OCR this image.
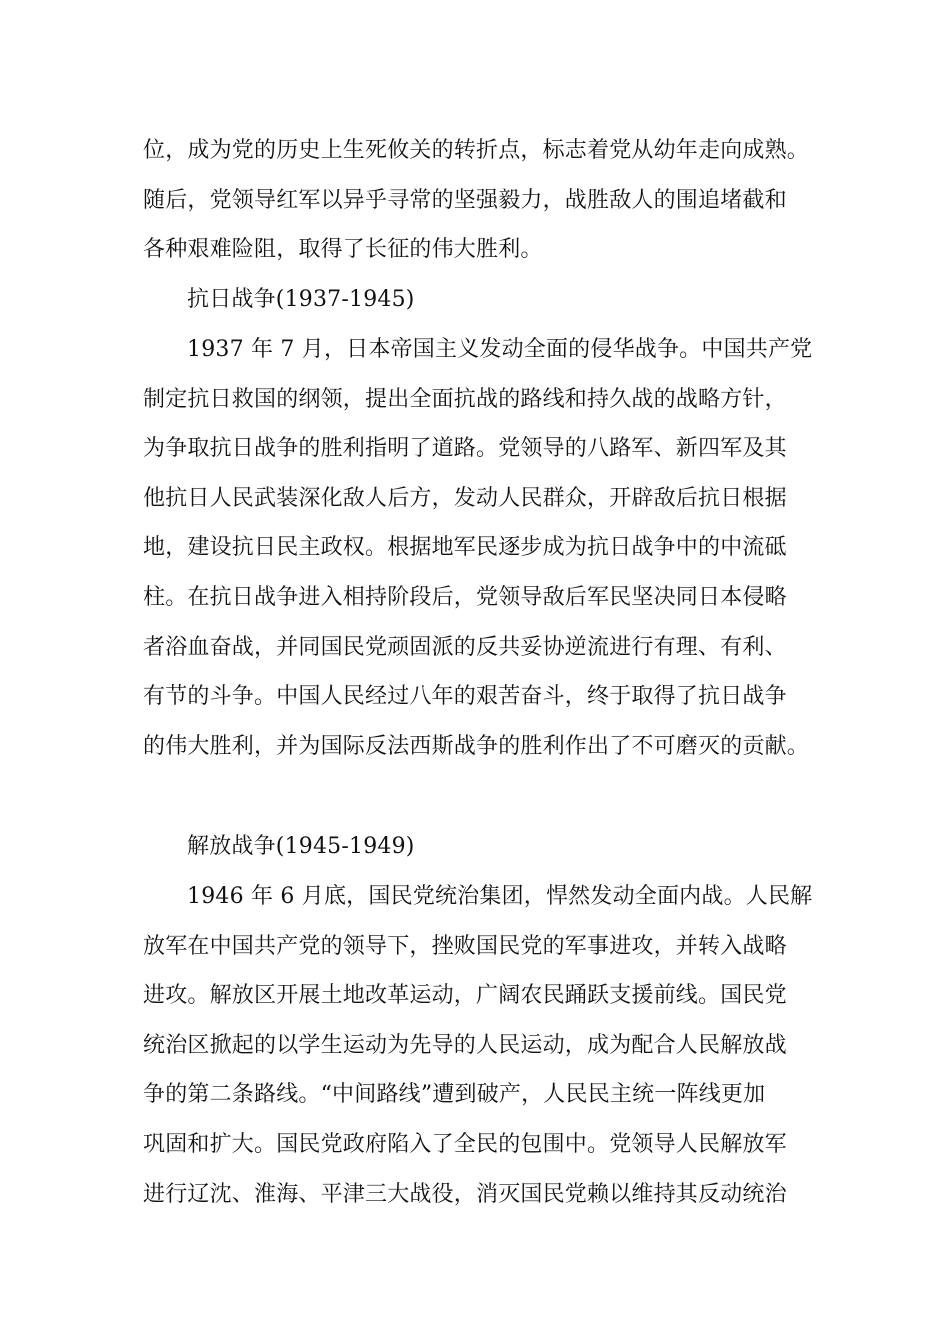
位，成为党的历史上生死攸关的转折点，标志着党从幼年走向成熟。
随后，党领导红军以异乎寻常的坚强毅力，战胜敌人的围追堵截和
各种艰难险阻，取得了长征的伟大胜利。
抗日战争(1937-1945)
1937 年 7 月，日本帝国主义发动全面的侵华战争。中国共产党
制定抗日救国的纲领，提出全面抗战的路线和持久战的战略方针，
为争取抗日战争的胜利指明了道路。党领导的八路军、新四军及其
他抗日人民武装深化敌人后方，发动人民群众，开辟敌后抗日根据
地，建设抗日民主政权。根据地军民逐步成为抗日战争中的中流砥
柱。在抗日战争进入相持阶段后，党领导敌后军民坚决同日本侵略
者浴血奋战，并同国民党顽固派的反共妥协逆流进行有理、有利、
有节的斗争。中国人民经过八年的艰苦奋斗，终于取得了抗日战争
的伟大胜利，并为国际反法西斯战争的胜利作出了不可磨灭的贡献。
解放战争(1945-1949)
1946 年 6 月底，国民党统治集团，悍然发动全面内战。人民解
放军在中国共产党的领导下，挫败国民党的军事进攻，并转入战略
进攻。解放区开展土地改革运动，广阔农民踊跃支援前线。国民党
统治区掀起的以学生运动为先导的人民运动，成为配合人民解放战
争的第二条路线。“中间路线”遭到破产，人民民主统一阵线更加
巩固和扩大。国民党政府陷入了全民的包围中。党领导人民解放军
进行辽沈、淮海、平津三大战役，消灭国民党赖以维持其反动统治
